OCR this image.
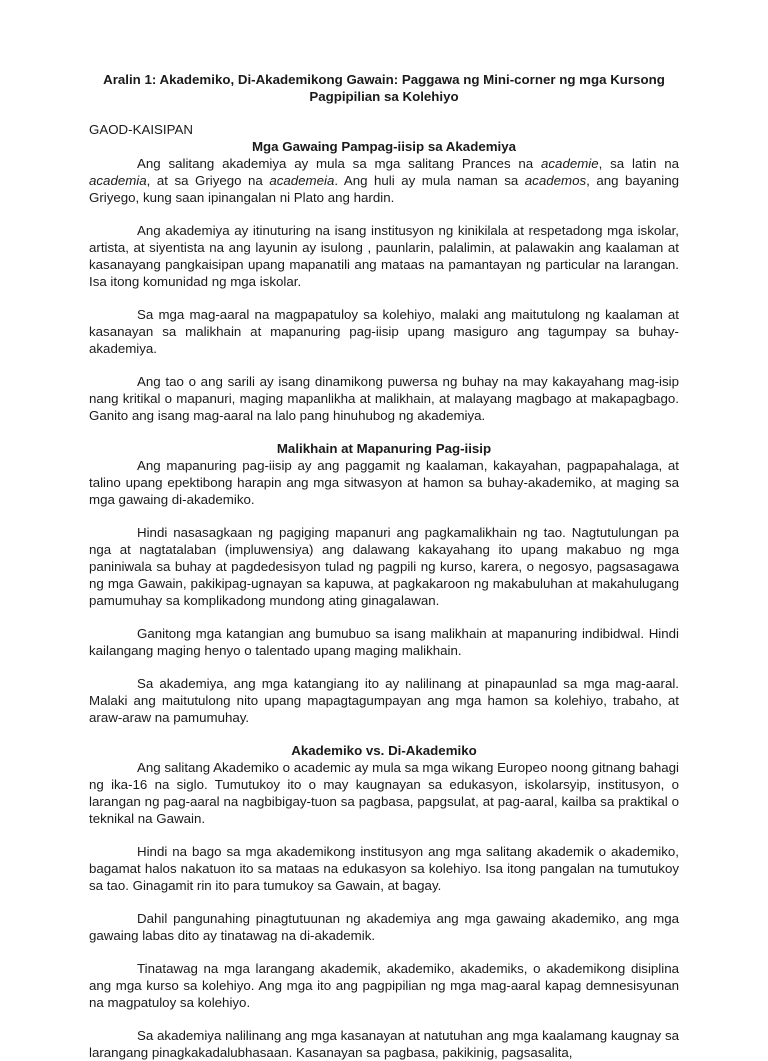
Aralin 1: Akademiko, Di-Akademikong Gawain: Paggawa ng Mini-corner ng mga Kursong Pagpipilian sa Kolehiyo

GAOD-KAISIPAN

Mga Gawaing Pampag-iisip sa Akademiya

Ang salitang akademiya ay mula sa mga salitang Prances na academie, sa latin na academia, at sa Griyego na academeia. Ang huli ay mula naman sa academos, ang bayaning Griyego, kung saan ipinangalan ni Plato ang hardin.

Ang akademiya ay itinuturing na isang institusyon ng kinikilala at respetadong mga iskolar, artista, at siyentista na ang layunin ay isulong , paunlarin, palalimin, at palawakin ang kaalaman at kasanayang pangkaisipan upang mapanatili ang mataas na pamantayan ng particular na larangan. Isa itong komunidad ng mga iskolar.

Sa mga mag-aaral na magpapatuloy sa kolehiyo, malaki ang maitutulong ng kaalaman at kasanayan sa malikhain at mapanuring pag-iisip upang masiguro ang tagumpay sa buhay-akademiya.

Ang tao o ang sarili ay isang dinamikong puwersa ng buhay na may kakayahang mag-isip nang kritikal o mapanuri, maging mapanlikha at malikhain, at malayang magbago at makapagbago. Ganito ang isang mag-aaral na lalo pang hinuhubog ng akademiya.

Malikhain at Mapanuring Pag-iisip

Ang mapanuring pag-iisip ay ang paggamit ng kaalaman, kakayahan, pagpapahalaga, at talino upang epektibong harapin ang mga sitwasyon at hamon sa buhay-akademiko, at maging sa mga gawaing di-akademiko.

Hindi nasasagkaan ng pagiging mapanuri ang pagkamalikhain ng tao. Nagtutulungan pa nga at nagtatalaban (impluwensiya) ang dalawang kakayahang ito upang makabuo ng mga paniniwala sa buhay at pagdedesisyon tulad ng pagpili ng kurso, karera, o negosyo, pagsasagawa ng mga Gawain, pakikipag-ugnayan sa kapuwa, at pagkakaroon ng makabuluhan at makahulugang pamumuhay sa komplikadong mundong ating ginagalawan.

Ganitong mga katangian ang bumubuo sa isang malikhain at mapanuring indibidwal. Hindi kailangang maging henyo o talentado upang maging malikhain.

Sa akademiya, ang mga katangiang ito ay nalilinang at pinapaunlad sa mga mag-aaral. Malaki ang maitutulong nito upang mapagtagumpayan ang mga hamon sa kolehiyo, trabaho, at araw-araw na pamumuhay.

Akademiko vs. Di-Akademiko

Ang salitang Akademiko o academic ay mula sa mga wikang Europeo noong gitnang bahagi ng ika-16 na siglo. Tumutukoy ito o may kaugnayan sa edukasyon, iskolarsyip, institusyon, o larangan ng pag-aaral na nagbibigay-tuon sa pagbasa, papgsulat, at pag-aaral, kailba sa praktikal o teknikal na Gawain.

Hindi na bago sa mga akademikong institusyon ang mga salitang akademik o akademiko, bagamat halos nakatuon ito sa mataas na edukasyon sa kolehiyo. Isa itong pangalan na tumutukoy sa tao. Ginagamit rin ito para tumukoy sa Gawain, at bagay.

Dahil pangunahing pinagtutuunan ng akademiya ang mga gawaing akademiko, ang mga gawaing labas dito ay tinatawag na di-akademik.

Tinatawag na mga larangang akademik, akademiko, akademiks, o akademikong disiplina ang mga kurso sa kolehiyo. Ang mga ito ang pagpipilian ng mga mag-aaral kapag demnesisyunan na magpatuloy sa kolehiyo.

Sa akademiya nalilinang ang mga kasanayan at natutuhan ang mga kaalamang kaugnay sa larangang pinagkakadalubhasaan. Kasanayan sa pagbasa, pakikinig, pagsasalita,
